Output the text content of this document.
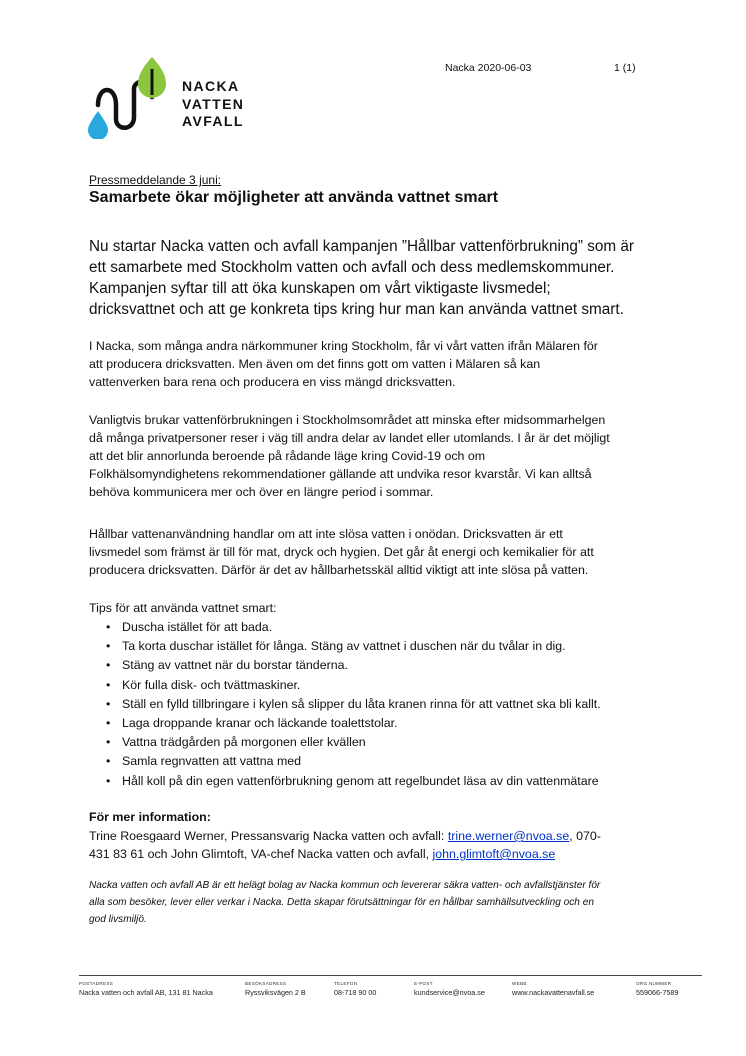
NACKA
VATTEN
AVFALL
Nacka 2020-06-03	1 (1)
Pressmeddelande 3 juni:
Samarbete ökar möjligheter att använda vattnet smart
Nu startar Nacka vatten och avfall kampanjen ”Hållbar vattenförbrukning” som är
ett samarbete med Stockholm vatten och avfall och dess medlemskommuner.
Kampanjen syftar till att öka kunskapen om vårt viktigaste livsmedel;
dricksvattnet och att ge konkreta tips kring hur man kan använda vattnet smart.
I Nacka, som många andra närkommuner kring Stockholm, får vi vårt vatten ifrån Mälaren för
att producera dricksvatten. Men även om det finns gott om vatten i Mälaren så kan
vattenverken bara rena och producera en viss mängd dricksvatten.
Vanligtvis brukar vattenförbrukningen i Stockholmsområdet att minska efter midsommarhelgen
då många privatpersoner reser i väg till andra delar av landet eller utomlands. I år är det möjligt
att det blir annorlunda beroende på rådande läge kring Covid-19 och om
Folkhälsomyndighetens rekommendationer gällande att undvika resor kvarstår. Vi kan alltså
behöva kommunicera mer och över en längre period i sommar.
Hållbar vattenanvändning handlar om att inte slösa vatten i onödan. Dricksvatten är ett
livsmedel som främst är till för mat, dryck och hygien. Det går åt energi och kemikalier för att
producera dricksvatten. Därför är det av hållbarhetsskäl alltid viktigt att inte slösa på vatten.
Tips för att använda vattnet smart:
• Duscha istället för att bada.
• Ta korta duschar istället för långa. Stäng av vattnet i duschen när du tvålar in dig.
• Stäng av vattnet när du borstar tänderna.
• Kör fulla disk- och tvättmaskiner.
• Ställ en fylld tillbringare i kylen så slipper du låta kranen rinna för att vattnet ska bli kallt.
• Laga droppande kranar och läckande toalettstolar.
• Vattna trädgården på morgonen eller kvällen
• Samla regnvatten att vattna med
• Håll koll på din egen vattenförbrukning genom att regelbundet läsa av din vattenmätare
För mer information:
Trine Roesgaard Werner, Pressansvarig Nacka vatten och avfall: trine.werner@nvoa.se, 070-
431 83 61 och John Glimtoft, VA-chef Nacka vatten och avfall, john.glimtoft@nvoa.se
Nacka vatten och avfall AB är ett helägt bolag av Nacka kommun och levererar säkra vatten- och avfallstjänster för
alla som besöker, lever eller verkar i Nacka. Detta skapar förutsättningar för en hållbar samhällsutveckling och en
god livsmiljö.
POSTADRESS
Nacka vatten och avfall AB, 131 81 Nacka
BESÖKSADRESS
Ryssviksvägen 2 B
TELEFON
08-718 90 00
E-POST
kundservice@nvoa.se
WEBB
www.nackavattenavfall.se
ORG.NUMMER
559066-7589
